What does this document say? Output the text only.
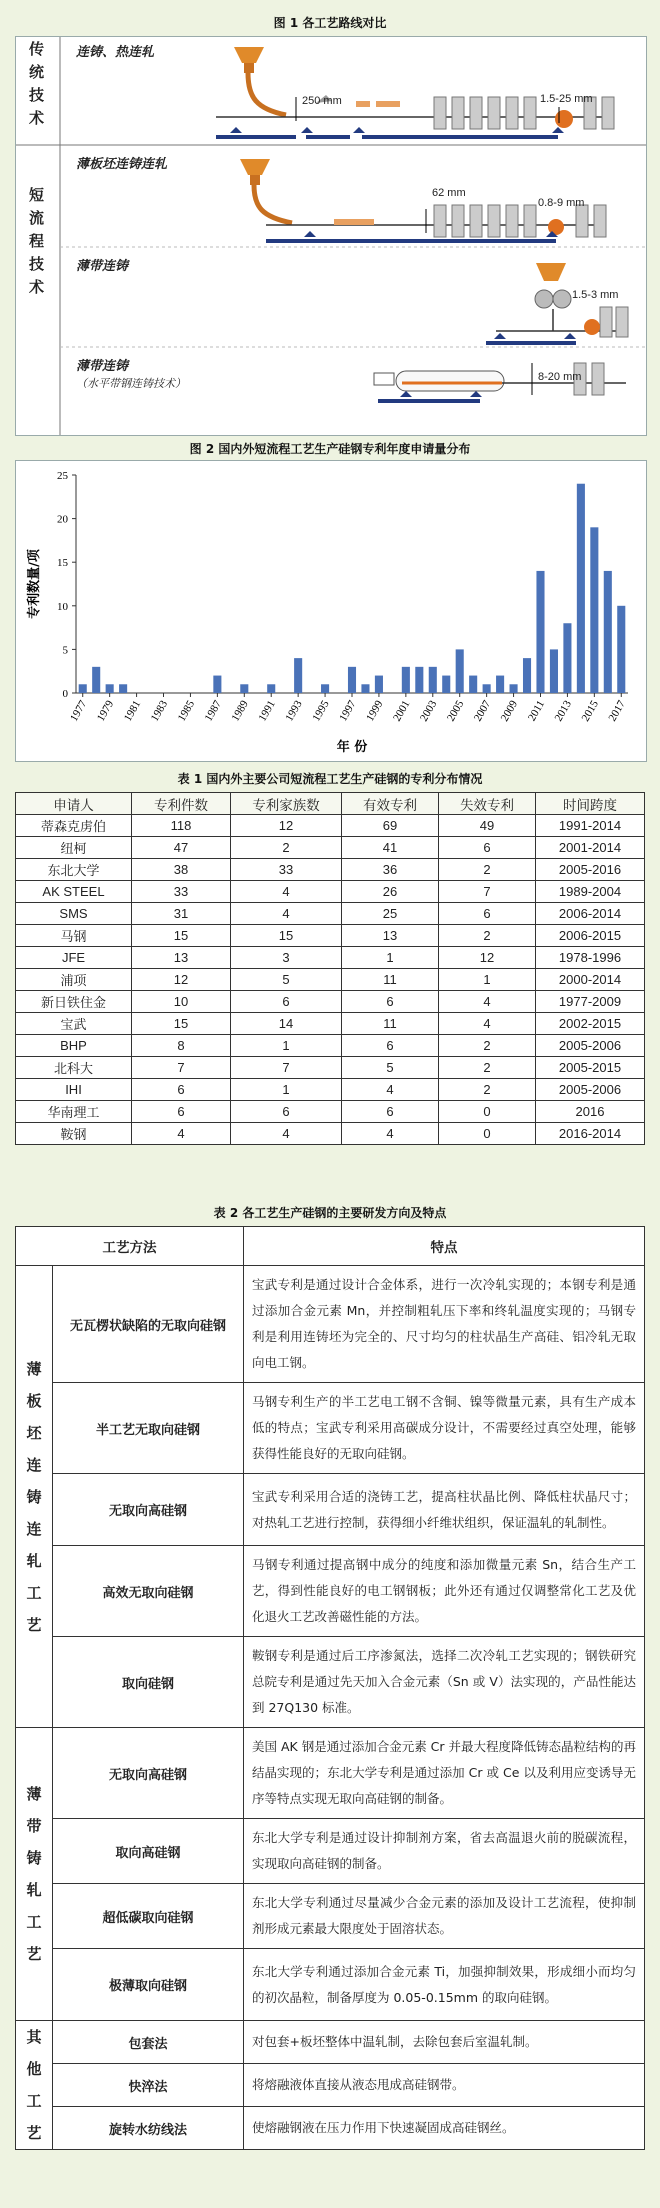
图 1 各工艺路线对比
传统技术
短流程技术
连铸、热连轧
薄板坯连铸连轧
薄带连铸
薄带连铸
（水平带钢连铸技术）
250 mm	1.5-25 mm
62 mm
0.8-9 mm
1.5-3 mm
8-20 mm
图 2 国内外短流程工艺生产硅钢专利年度申请量分布
0
5
10
15
20
25
1977 1979 1981 1983 1985 1987 1989 1991 1993 1995 1997 1999 2001 2003 2005 2007 2009 2011 2013 2015 2017
年 份
专利数量/项
表 1 国内外主要公司短流程工艺生产硅钢的专利分布情况
申请人	专利件数	专利家族数	有效专利	失效专利	时间跨度
蒂森克虏伯	118	12	69	49	1991-2014
纽柯	47	2	41	6	2001-2014
东北大学	38	33	36	2	2005-2016
AK STEEL	33	4	26	7	1989-2004
SMS	31	4	25	6	2006-2014
马钢	15	15	13	2	2006-2015
JFE	13	3	1	12	1978-1996
浦项	12	5	11	1	2000-2014
新日铁住金	10	6	6	4	1977-2009
宝武	15	14	11	4	2002-2015
BHP	8	1	6	2	2005-2006
北科大	7	7	5	2	2005-2015
IHI	6	1	4	2	2005-2006
华南理工	6	6	6	0	2016
鞍钢	4	4	4	0	2016-2014
表 2 各工艺生产硅钢的主要研发方向及特点
工艺方法		特点
薄板坯连铸连轧工艺	无瓦楞状缺陷的无取向硅钢	宝武专利是通过设计合金体系，进行一次冷轧实现的；本钢专利是通过添加合金元素 Mn，并控制粗轧压下率和终轧温度实现的；马钢专利是利用连铸坯为完全的、尺寸均匀的柱状晶生产高硅、铝冷轧无取向电工钢。
	半工艺无取向硅钢	马钢专利生产的半工艺电工钢不含铜、镍等微量元素，具有生产成本低的特点；宝武专利采用高碳成分设计，不需要经过真空处理，能够获得性能良好的无取向硅钢。
	无取向高硅钢	宝武专利采用合适的浇铸工艺，提高柱状晶比例、降低柱状晶尺寸；对热轧工艺进行控制，获得细小纤维状组织，保证温轧的轧制性。
	高效无取向硅钢	马钢专利通过提高钢中成分的纯度和添加微量元素 Sn，结合生产工艺，得到性能良好的电工钢钢板；此外还有通过仅调整常化工艺及优化退火工艺改善磁性能的方法。
	取向硅钢	鞍钢专利是通过后工序渗氮法，选择二次冷轧工艺实现的；钢铁研究总院专利是通过先天加入合金元素（Sn 或 V）法实现的，产品性能达到 27Q130 标准。
薄带铸轧工艺	无取向高硅钢	美国 AK 钢是通过添加合金元素 Cr 并最大程度降低铸态晶粒结构的再结晶实现的；东北大学专利是通过添加 Cr 或 Ce 以及利用应变诱导无序等特点实现无取向高硅钢的制备。
	取向高硅钢	东北大学专利是通过设计抑制剂方案，省去高温退火前的脱碳流程，实现取向高硅钢的制备。
	超低碳取向硅钢	东北大学专利通过尽量减少合金元素的添加及设计工艺流程，使抑制剂形成元素最大限度处于固溶状态。
	极薄取向硅钢	东北大学专利通过添加合金元素 Ti，加强抑制效果，形成细小而均匀的初次晶粒，制备厚度为 0.05-0.15mm 的取向硅钢。
其他工艺	包套法	对包套+板坯整体中温轧制，去除包套后室温轧制。
	快淬法	将熔融液体直接从液态甩成高硅钢带。
	旋转水纺线法	使熔融钢液在压力作用下快速凝固成高硅钢丝。
